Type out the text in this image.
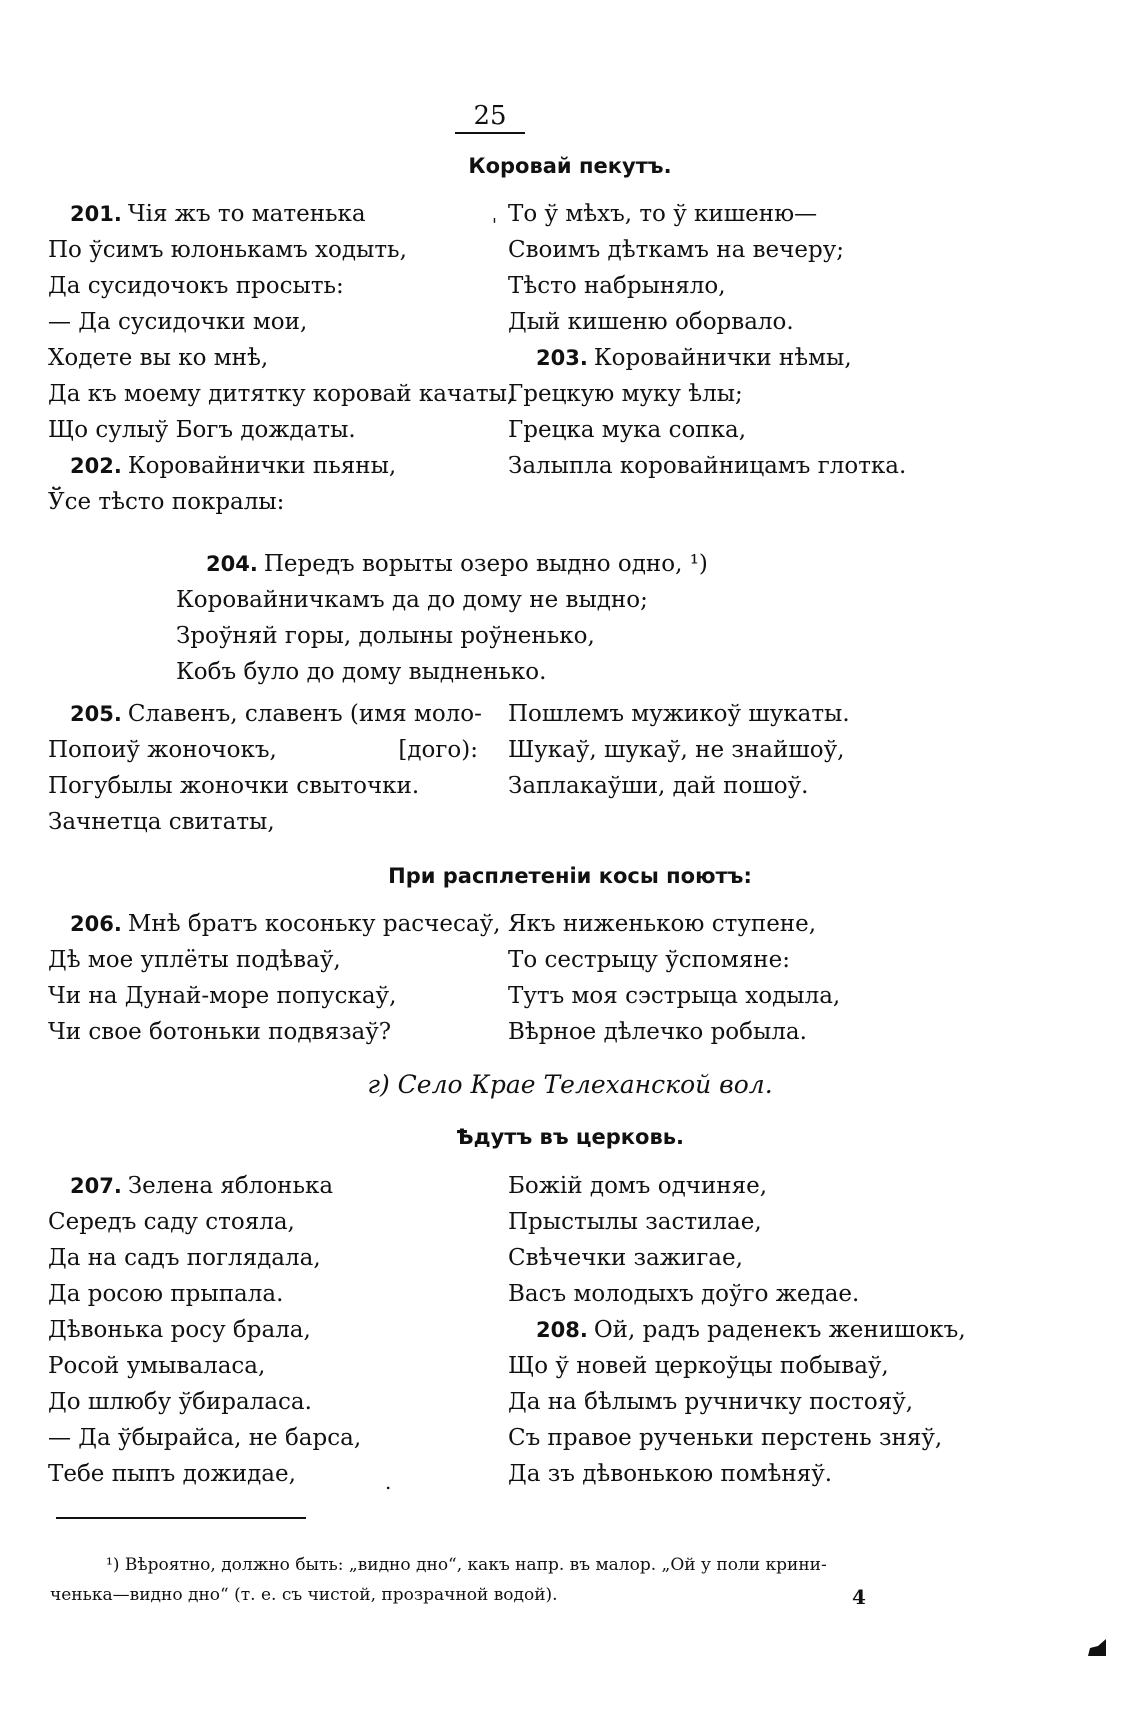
25
Коровай пекутъ.
'
201. Чiя жъ то матенька
По ўсимъ юлонькамъ ходыть,
Да сусидочокъ просыть:
— Да сусидочки мои,
Ходете вы ко мнѣ,
Да къ моему дитятку коровай качаты,
Що сулыў Богъ дождаты.
202. Коровайнички пьяны,
Ўсе тѣсто покралы:
То ў мѣхъ, то ў кишеню—
Своимъ дѣткамъ на вечеру;
Тѣсто набрыняло,
Дый кишеню оборвало.
203. Коровайнички нѣмы,
Грецкую муку ѣлы;
Грецка мука сопка,
Залыпла коровайницамъ глотка.
204. Передъ ворыты озеро выдно одно, ¹)
Коровайничкамъ да до дому не выдно;
Зроўняй горы, долыны роўненько,
Кобъ було до дому выдненько.
205. Славенъ, славенъ (имя моло-
Попоиў жоночокъ,	[дого):
Погубылы жоночки свыточки.
Зачнетца свитаты,
Пошлемъ мужикоў шукаты.
Шукаў, шукаў, не знайшоў,
Заплакаўши, дай пошоў.
При расплетенiи косы поютъ:
206. Мнѣ братъ косоньку расчесаў,
Дѣ мое уплёты подѣваў,
Чи на Дунай-море попускаў,
Чи свое ботоньки подвязаў?
Якъ ниженькою ступене,
То сестрыцу ўспомяне:
Тутъ моя сэстрыца ходыла,
Вѣрное дѣлечко робыла.
г) Село Крае Телеханской вол.
Ѣдутъ въ церковь.
207. Зелена яблонька
Середъ саду стояла,
Да на садъ поглядала,
Да росою прыпала.
Дѣвонька росу брала,
Росой умываласа,
До шлюбу ўбираласа.
— Да ўбырайса, не барса,
Тебе пыпъ дожидае,
Божiй домъ одчиняе,
Прыстылы застилае,
Свѣчечки зажигае,
Васъ молодыхъ доўго жедае.
208. Ой, радъ раденекъ женишокъ,
Що ў новей церкоўцы побываў,
Да на бѣлымъ ручничку постояў,
Съ правое рученьки перстень зняў,
Да зъ дѣвонькою помѣняў.
.
¹) Вѣроятно, должно быть: „видно дно“, какъ напр. въ малор. „Ой у поли крини-
ченька—видно дно“ (т. е. съ чистой, прозрачной водой).	4
